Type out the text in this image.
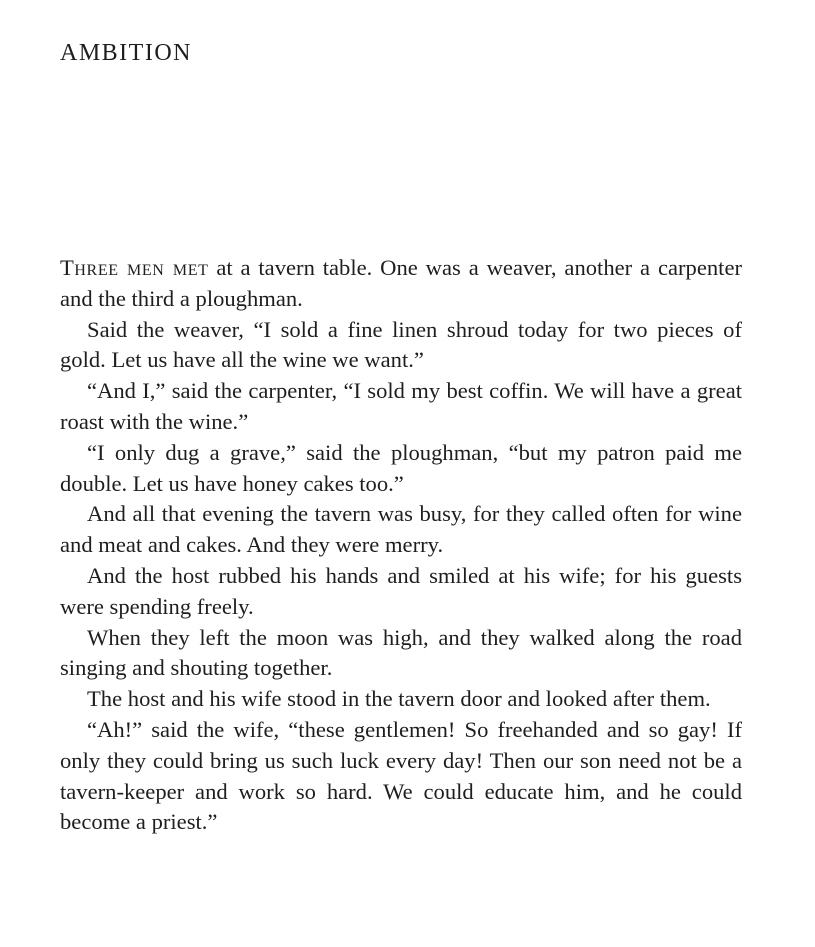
AMBITION

Three men met at a tavern table. One was a weaver, another a carpenter and the third a ploughman.

Said the weaver, “I sold a fine linen shroud today for two pieces of gold. Let us have all the wine we want.”

“And I,” said the carpenter, “I sold my best coffin. We will have a great roast with the wine.”

“I only dug a grave,” said the ploughman, “but my patron paid me double. Let us have honey cakes too.”

And all that evening the tavern was busy, for they called often for wine and meat and cakes. And they were merry.

And the host rubbed his hands and smiled at his wife; for his guests were spending freely.

When they left the moon was high, and they walked along the road singing and shouting together.

The host and his wife stood in the tavern door and looked after them.

“Ah!” said the wife, “these gentlemen! So freehanded and so gay! If only they could bring us such luck every day! Then our son need not be a tavern-keeper and work so hard. We could educate him, and he could become a priest.”
